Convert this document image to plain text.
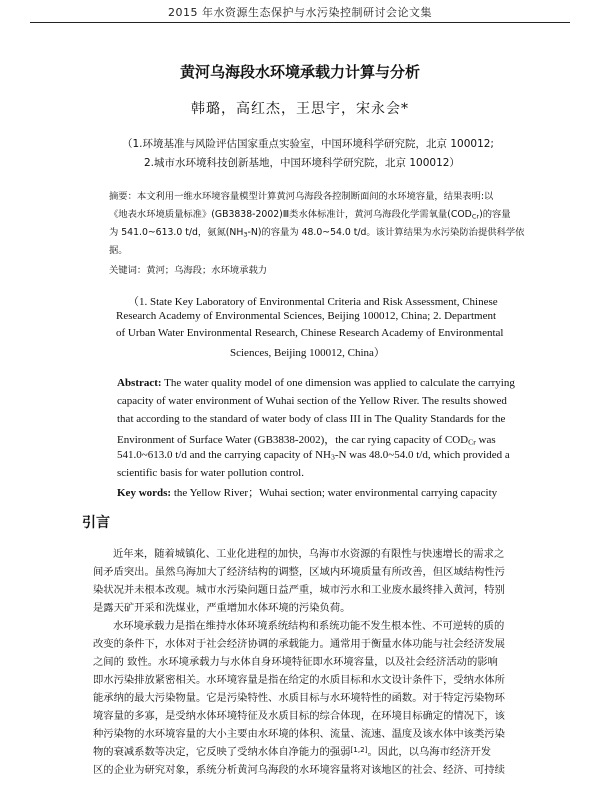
2015 年水资源生态保护与水污染控制研讨会论文集
黄河乌海段水环境承载力计算与分析
韩璐，高红杰，王思宇，宋永会*
（1.环境基准与风险评估国家重点实验室，中国环境科学研究院，北京 100012;
2.城市水环境科技创新基地，中国环境科学研究院，北京 100012）
摘要：本文利用一维水环境容量模型计算黄河乌海段各控制断面间的水环境容量，结果表明:以
《地表水环境质量标准》(GB3838-2002)Ⅲ类水体标准计，黄河乌海段化学需氧量$(COD_{Cr})$的容量
为 541.0~613.0 t/d，氨氮$(NH_3-N)$的容量为 48.0~54.0 t/d。该计算结果为水污染防治提供科学依
据。
关键词：黄河；乌海段；水环境承载力
（1. State Key Laboratory of Environmental Criteria and Risk Assessment, Chinese
Research Academy of Environmental Sciences, Beijing 100012, China; 2. Department
of Urban Water Environmental Research, Chinese Research Academy of Environmental
Sciences, Beijing 100012, China）
Abstract: The water quality model of one dimension was applied to calculate the carrying
capacity of water environment of Wuhai section of the Yellow River. The results showed
that according to the standard of water body of class III in The Quality Standards for the
Environment of Surface Water (GB3838-2002)，the car rying capacity of $COD_{Cr}$ was
541.0~613.0 t/d and the carrying capacity of $NH_3-N$ was 48.0~54.0 t/d, which provided a
scientific basis for water pollution control.
Key words: the Yellow River；Wuhai section; water environmental carrying capacity
引言
近年来，随着城镇化、工业化进程的加快，乌海市水资源的有限性与快速增长的需求之
间矛盾突出。虽然乌海加大了经济结构的调整，区域内环境质量有所改善，但区域结构性污
染状况并未根本改观。城市水污染问题日益严重，城市污水和工业废水最终排入黄河，特别
是露天矿开采和洗煤业，严重增加水体环境的污染负荷。
水环境承载力是指在维持水体环境系统结构和系统功能不发生根本性、不可逆转的质的
改变的条件下，水体对于社会经济协调的承载能力。通常用于衡量水体功能与社会经济发展
之间的 致性。水环境承载力与水体自身环境特征即水环境容量，以及社会经济活动的影响
即水污染排放紧密相关。水环境容量是指在给定的水质目标和水文设计条件下，受纳水体所
能承纳的最大污染物量。它是污染特性、水质目标与水环境特性的函数。对于特定污染物环
境容量的多寡，是受纳水体环境特征及水质目标的综合体现，在环境目标确定的情况下，该
种污染物的水环境容量的大小主要由水环境的体积、流量、流速、温度及该水体中该类污染
物的衰减系数等决定，它反映了受纳水体自净能力的强弱[1,2]。因此，以乌海市经济开发
区的企业为研究对象，系统分析黄河乌海段的水环境容量将对该地区的社会、经济、可持续
